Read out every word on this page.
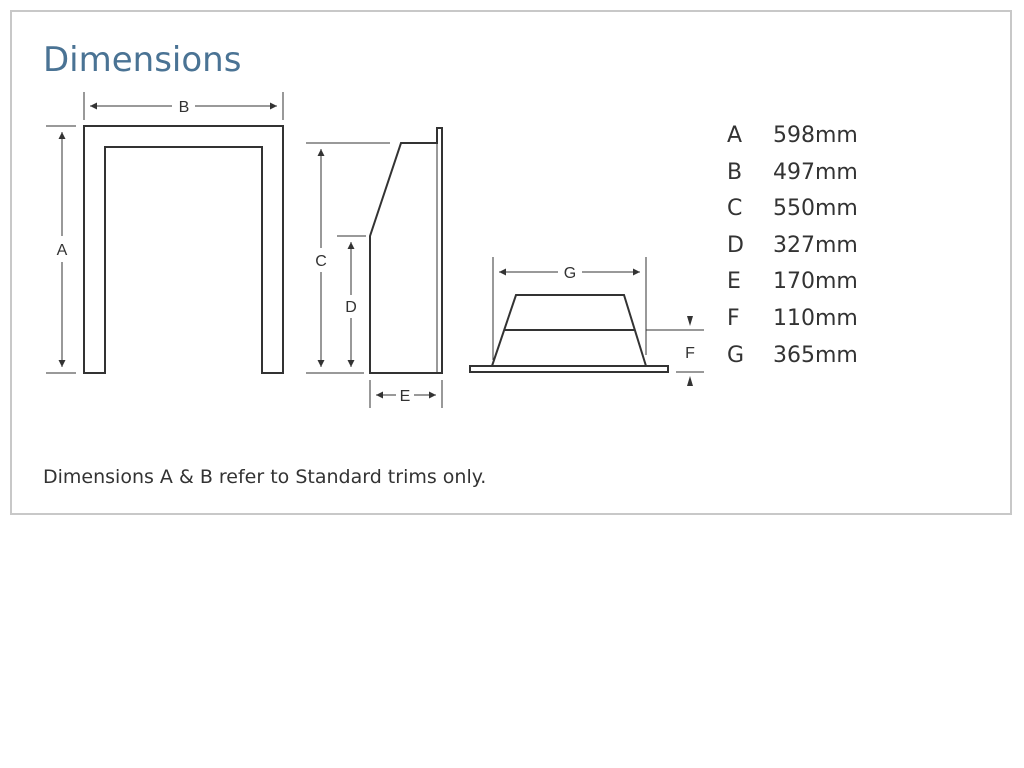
Dimensions
B
A
C
D
E
G
F
A 598mm
B 497mm
C 550mm
D 327mm
E 170mm
F 110mm
G 365mm

Dimensions A & B refer to Standard trims only.
